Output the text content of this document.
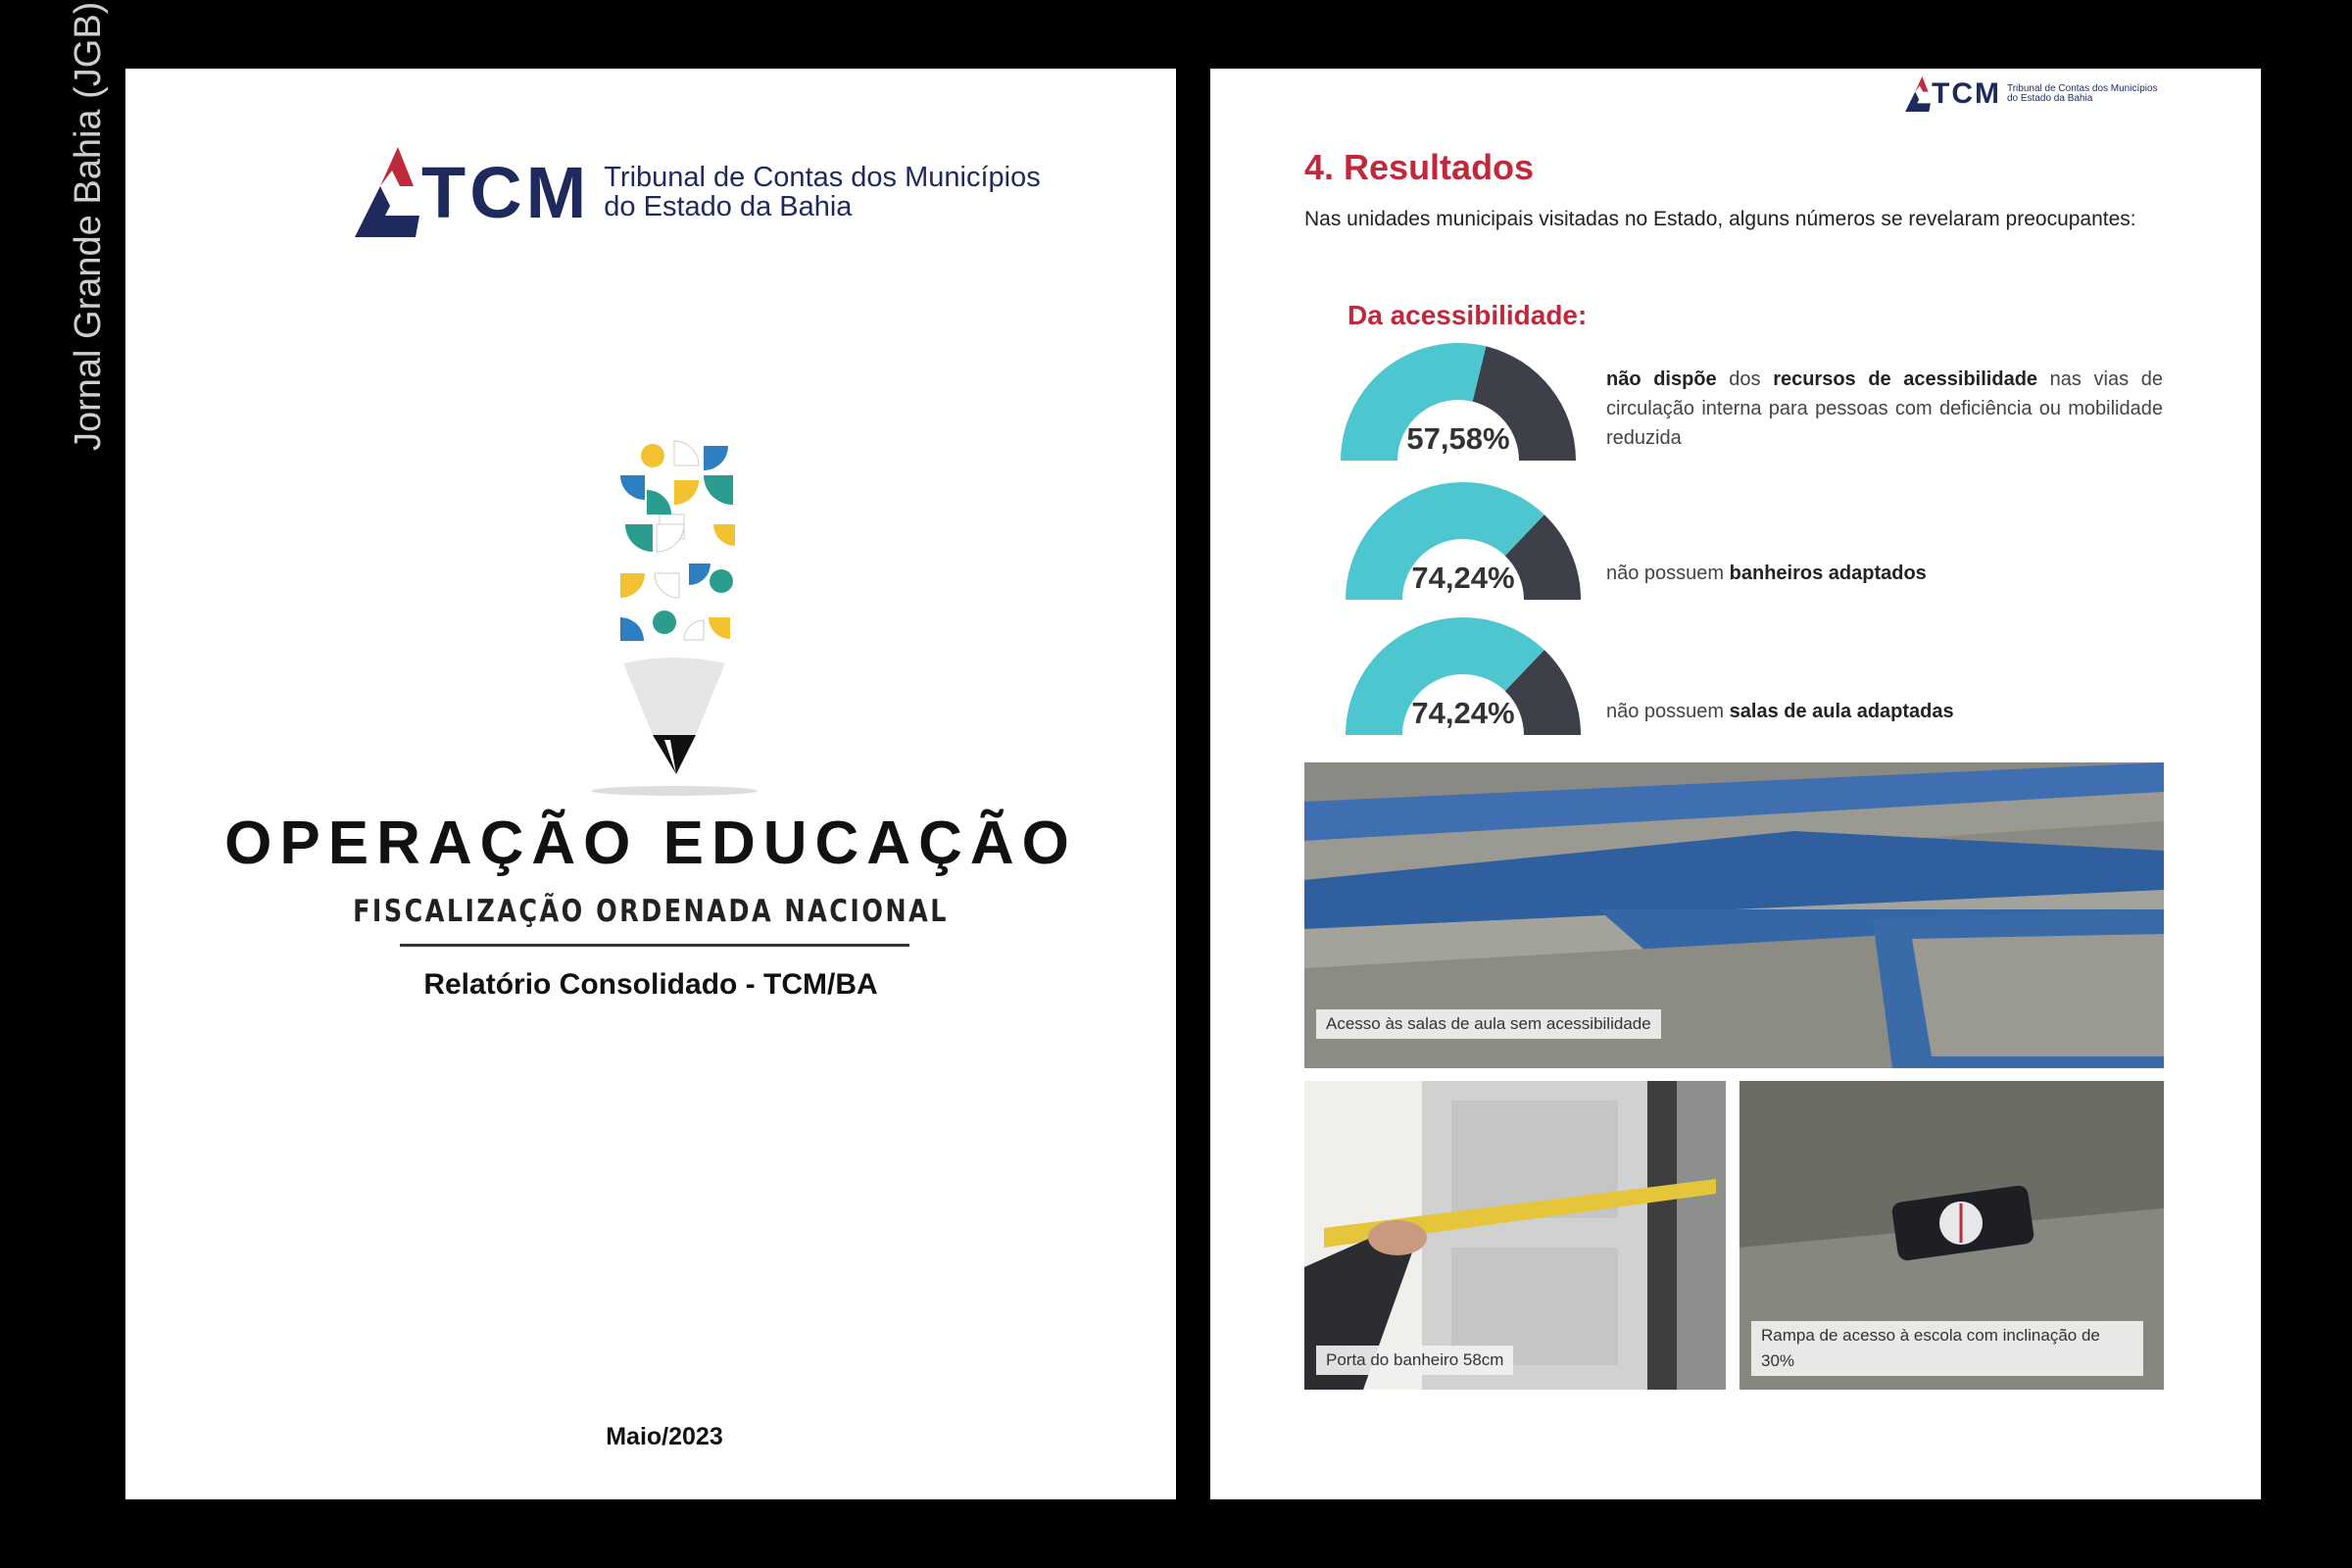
Jornal Grande Bahia (JGB)	TCM Tribunal de Contas dos Municípios
do Estado da Bahia
OPERAÇÃO EDUCAÇÃO
FISCALIZAÇÃO ORDENADA NACIONAL
Relatório Consolidado - TCM/BA
Maio/2023
TCM Tribunal de Contas dos Municípios
do Estado da Bahia
4. Resultados
Nas unidades municipais visitadas no Estado, alguns números se revelaram preocupantes:
Da acessibilidade:
57,58%
não dispõe dos recursos de acessibilidade nas vias de circulação interna para pessoas com deficiência ou mobilidade reduzida
74,24%	não possuem banheiros adaptados
74,24%	não possuem salas de aula adaptadas
Acesso às salas de aula sem acessibilidade
Porta do banheiro 58cm
Rampa de acesso à escola com inclinação de 30%
